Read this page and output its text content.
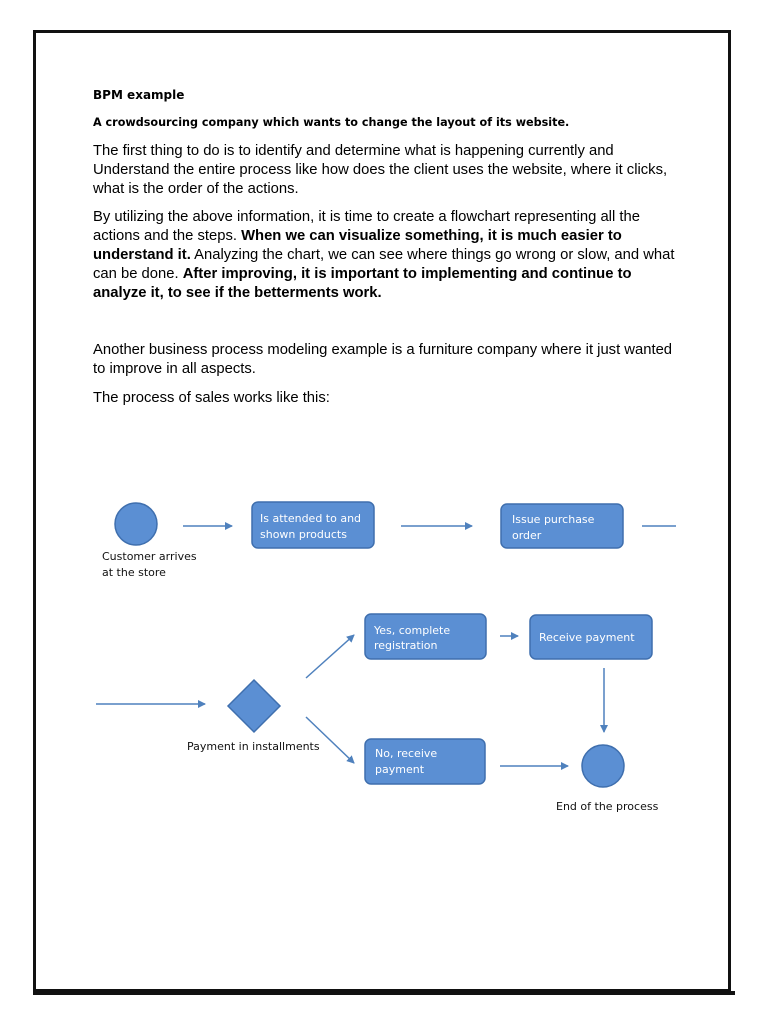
BPM example
A crowdsourcing company which wants to change the layout of its website.
The first thing to do is to identify and determine what is happening currently and Understand the entire process like how does the client uses the website, where it clicks, what is the order of the actions.
By utilizing the above information, it is time to create a flowchart representing all the actions and the steps. When we can visualize something, it is much easier to understand it. Analyzing the chart, we can see where things go wrong or slow, and what can be done. After improving, it is important to implementing and continue to analyze it, to see if the betterments work.
Another business process modeling example is a furniture company where it just wanted to improve in all aspects.
The process of sales works like this:
Customer arrives
at the store
Is attended to and
shown products
Issue purchase
order
Payment in installments
Yes, complete
registration
Receive payment
No, receive
payment
End of the process
